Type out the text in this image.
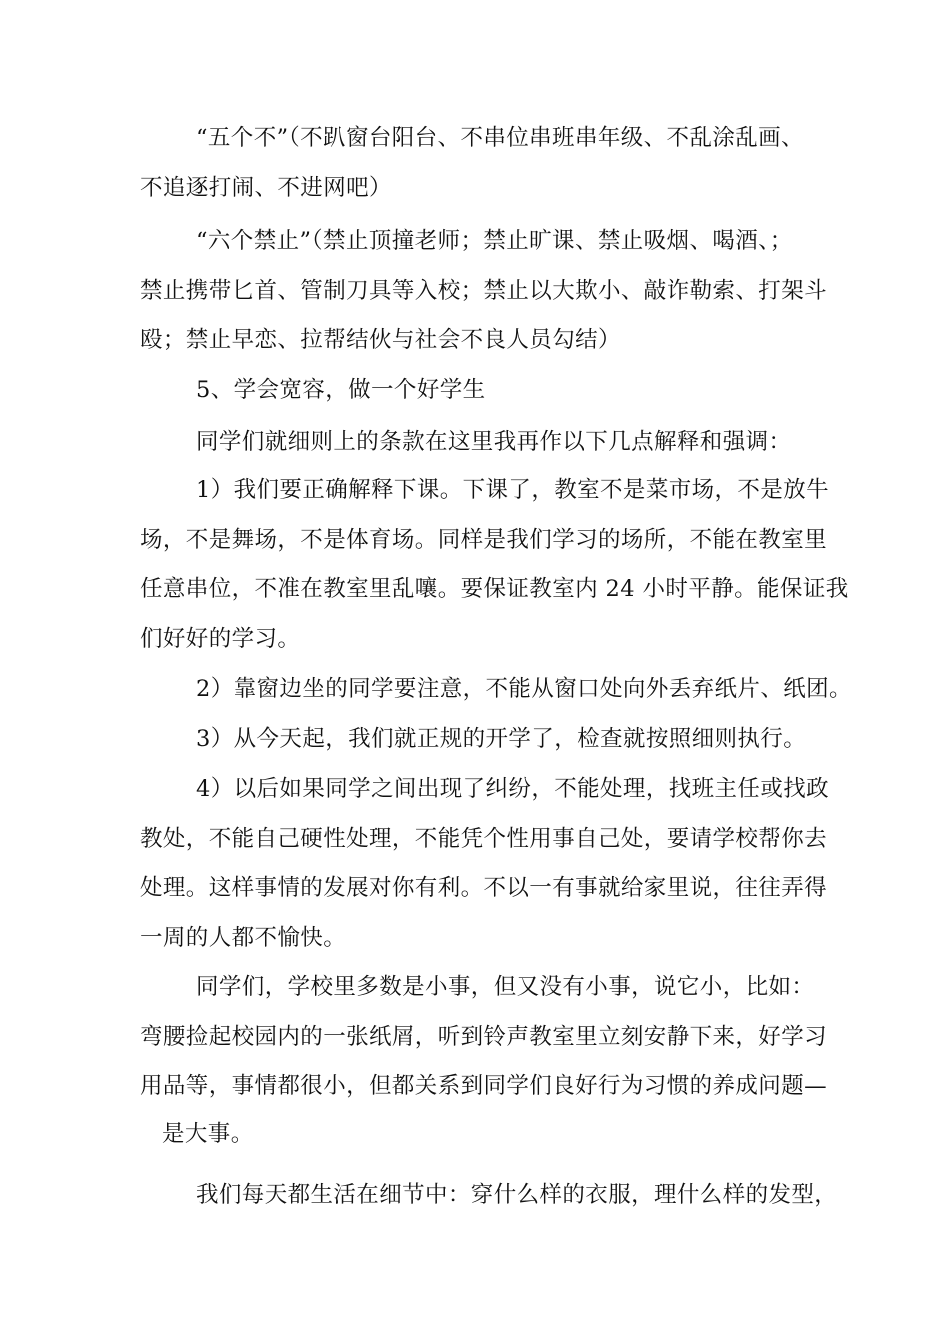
“五个不”（不趴窗台阳台、不串位串班串年级、不乱涂乱画、
不追逐打闹、不进网吧）

“六个禁止”（禁止顶撞老师；禁止旷课、禁止吸烟、喝酒、；
禁止携带匕首、管制刀具等入校；禁止以大欺小、敲诈勒索、打架斗
殴；禁止早恋、拉帮结伙与社会不良人员勾结）

5、学会宽容，做一个好学生

同学们就细则上的条款在这里我再作以下几点解释和强调：

1）我们要正确解释下课。下课了，教室不是菜市场，不是放牛
场，不是舞场，不是体育场。同样是我们学习的场所，不能在教室里
任意串位，不准在教室里乱嚷。要保证教室内 24 小时平静。能保证我
们好好的学习。

2）靠窗边坐的同学要注意，不能从窗口处向外丢弃纸片、纸团。

3）从今天起，我们就正规的开学了，检查就按照细则执行。

4）以后如果同学之间出现了纠纷，不能处理，找班主任或找政
教处，不能自己硬性处理，不能凭个性用事自己处，要请学校帮你去
处理。这样事情的发展对你有利。不以一有事就给家里说，往往弄得
一周的人都不愉快。

同学们，学校里多数是小事，但又没有小事，说它小，比如：
弯腰捡起校园内的一张纸屑，听到铃声教室里立刻安静下来，好学习
用品等，事情都很小，但都关系到同学们良好行为习惯的养成问题—

是大事。

我们每天都生活在细节中：穿什么样的衣服，理什么样的发型，
